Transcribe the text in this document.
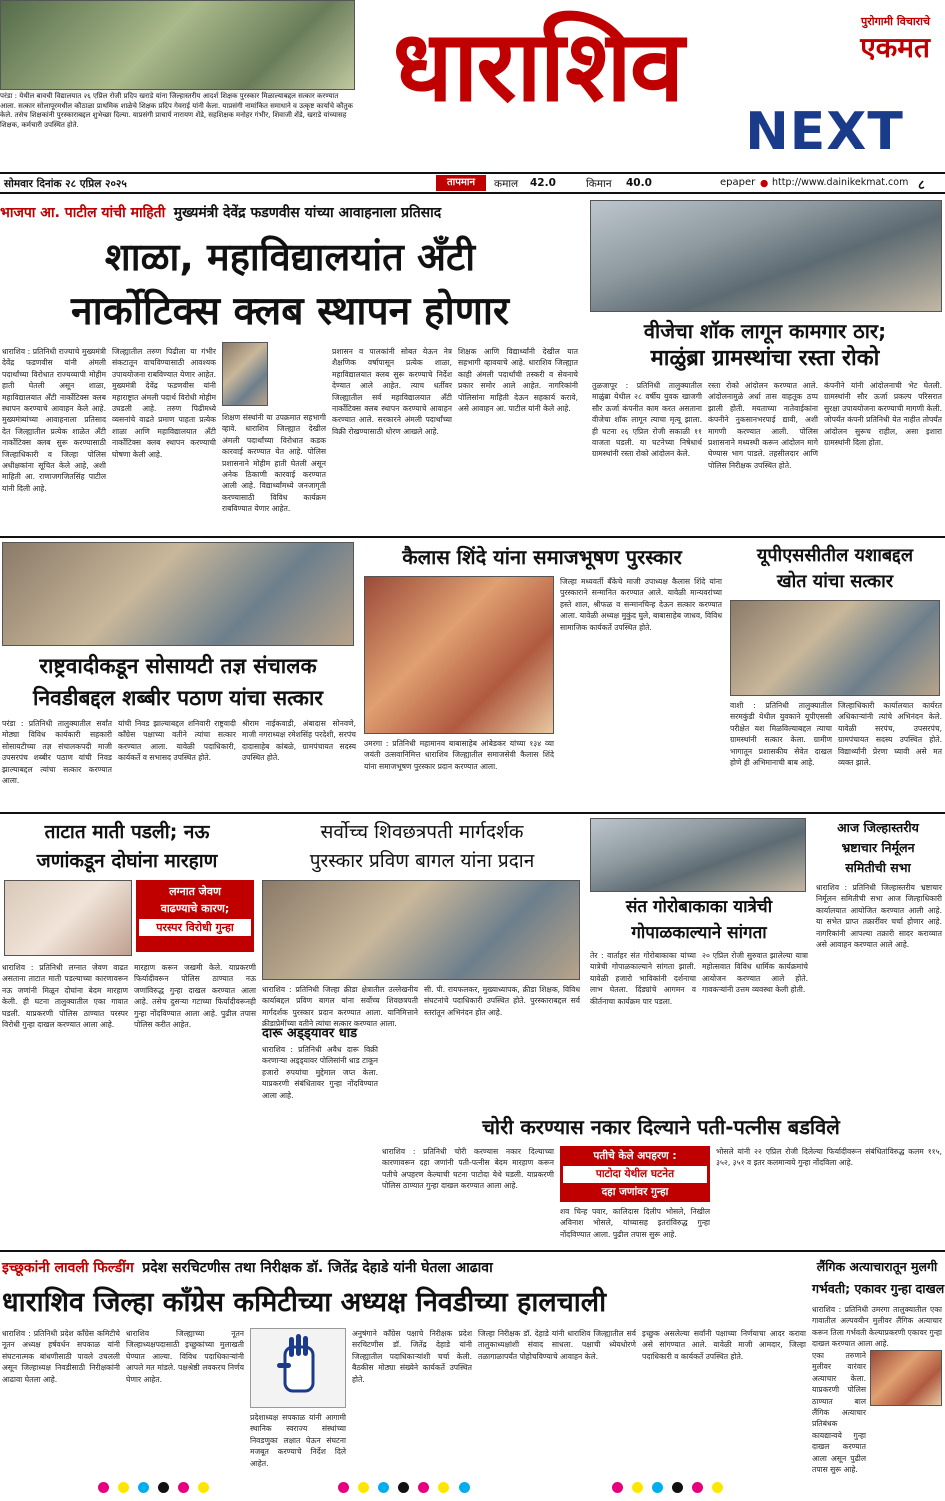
परंडा : येथील बावची विद्यालयात २६ एप्रिल रोजी प्रदिप खराडे यांना जिल्हास्तरीय आदर्श शिक्षक पुरस्कार मिळाल्याबद्दल सत्कार करण्यात आला. सत्कार सोलापूरमधील कौठाळा प्राथमिक शाळेचे शिक्षक प्रदिप गेवराई यांनी केला. याप्रसंगी नामांकित समाधाने व उत्कृष्ट कार्याचे कौतुक केले. तसेच शिक्षकांनी पुरस्काराबद्दल शुभेच्छा दिल्या. याप्रसंगी प्राचार्य नारायण शेंडे, सहशिक्षक मनोहर गंभीर, शिवाजी शेंडे, खराडे यांच्यासह शिक्षक, कर्मचारी उपस्थित होते.
धाराशिव	पुरोगामी विचाराचे
एकमत
NEXT
सोमवार दिनांक २८ एप्रिल २०२५	तापमान	कमाल 42.0	किमान 40.0	epaper ● http://www.dainikekmat.com ८
भाजपा आ. पाटील यांची माहिती मुख्यमंत्री देवेंद्र फडणवीस यांच्या आवाहनाला प्रतिसाद
शाळा, महाविद्यालयांत अँटी
नार्कोटिक्स क्लब स्थापन होणार
धाराशिव : प्रतिनिधी राज्याचे मुख्यमंत्री देवेंद्र फडणवीस यांनी अंमली पदार्थांच्या विरोधात राज्यव्यापी मोहीम हाती घेतली असून शाळा, महाविद्यालयात अँटी नार्कोटिक्स क्लब स्थापन करण्याचे आवाहन केले आहे. मुख्यमंत्र्यांच्या आवाहनाला प्रतिसाद देत जिल्ह्यातील प्रत्येक शाळेत अँटी नार्कोटिक्स क्लब सुरू करण्यासाठी जिल्हाधिकारी व जिल्हा पोलिस अधीक्षकांना सूचित केले आहे, अशी माहिती आ. राणाजगजितसिंह पाटील यांनी दिली आहे.
जिल्ह्यातील तरुण पिढीला या गंभीर संकटातून वाचविण्यासाठी आवश्यक उपाययोजना राबविण्यात येणार आहेत. मुख्यमंत्री देवेंद्र फडणवीस यांनी महाराष्ट्रात अंमली पदार्थ विरोधी मोहीम उघडली आहे. तरुण पिढीमध्ये व्यसनांचे वाढते प्रमाण पाहता प्रत्येक शाळा आणि महाविद्यालयात अँटी नार्कोटिक्स क्लब स्थापन करण्याची घोषणा केली आहे.
शिक्षण संस्थांनी या उपक्रमात सहभागी व्हावे. धाराशिव जिल्ह्यात देखील अंमली पदार्थांच्या विरोधात कडक कारवाई करण्यात येत आहे. पोलिस प्रशासनाने मोहीम हाती घेतली असून अनेक ठिकाणी कारवाई करण्यात आली आहे. विद्यार्थ्यांमध्ये जनजागृती करण्यासाठी विविध कार्यक्रम राबविण्यात येणार आहेत.
प्रशासन व पालकांनी सोबत येऊन नेत्र शैक्षणिक वर्षापासून प्रत्येक शाळा, महाविद्यालयात क्लब सुरू करण्याचे निर्देश देण्यात आले आहेत. त्याच धर्तीवर जिल्ह्यातील सर्व महाविद्यालयात अँटी नार्कोटिक्स क्लब स्थापन करण्याचे आवाहन करण्यात आले. सरकारने अंमली पदार्थांच्या विक्री रोखण्यासाठी धोरण आखले आहे.
शिक्षक आणि विद्यार्थ्यांनी देखील यात सहभागी व्हावयाचे आहे. धाराशिव जिल्ह्यात काही अंमली पदार्थांची तस्करी व सेवनाचे प्रकार समोर आले आहेत. नागरिकांनी पोलिसांना माहिती देऊन सहकार्य करावे, असे आवाहन आ. पाटील यांनी केले आहे.
वीजेचा शॉक लागून कामगार ठार;
माळुंब्रा ग्रामस्थांचा रस्ता रोको
तुळजापूर : प्रतिनिधी तालुक्यातील माळुंब्रा येथील २८ वर्षीय युवक खाजगी सौर ऊर्जा कंपनीत काम करत असताना वीजेचा शॉक लागून त्याचा मृत्यू झाला. ही घटना २६ एप्रिल रोजी सकाळी ११ वाजता घडली. या घटनेच्या निषेधार्थ ग्रामस्थांनी रस्ता रोको आंदोलन केले.
रस्ता रोको आंदोलन करण्यात आले. आंदोलनामुळे अर्धा तास वाहतूक ठप्प झाली होती. मयताच्या नातेवाईकांना कंपनीने नुकसानभरपाई द्यावी, अशी मागणी करण्यात आली. पोलिस प्रशासनाने मध्यस्थी करून आंदोलन मागे घेण्यास भाग पाडले. तहसीलदार आणि पोलिस निरीक्षक उपस्थित होते.
कंपनीने यांनी आंदोलनाची भेट घेतली. ग्रामस्थांनी सौर ऊर्जा प्रकल्प परिसरात सुरक्षा उपाययोजना करण्याची मागणी केली. जोपर्यंत कंपनी प्रतिनिधी येत नाहीत तोपर्यंत आंदोलन सुरूच राहील, असा इशारा ग्रामस्थांनी दिला होता.
राष्ट्रवादीकडून सोसायटी तज्ञ संचालक
निवडीबद्दल शब्बीर पठाण यांचा सत्कार
परंडा : प्रतिनिधी तालुक्यातील सर्वांत मोठ्या विविध कार्यकारी सहकारी सोसायटीच्या तज्ञ संचालकपदी माजी उपसरपंच शब्बीर पठाण यांची निवड झाल्याबद्दल त्यांचा सत्कार करण्यात आला.
यांची निवड झाल्याबद्दल शनिवारी राष्ट्रवादी काँग्रेस पक्षाच्या वतीने त्यांचा सत्कार करण्यात आला. यावेळी पदाधिकारी, कार्यकर्ते व सभासद उपस्थित होते.
श्रीराम नाईकवाडी, अंबादास सोनवणे, माजी नगराध्यक्ष रमेशसिंह परदेशी, सरपंच दादासाहेब कांबळे, ग्रामपंचायत सदस्य उपस्थित होते.
कैलास शिंदे यांना समाजभूषण पुरस्कार
उमरगा : प्रतिनिधी महामानव बाबासाहेब आंबेडकर यांच्या १३४ व्या जयंती उत्सवानिमित्त धाराशिव जिल्ह्यातील समाजसेवी कैलास शिंदे यांना समाजभूषण पुरस्कार प्रदान करण्यात आला.
जिल्हा मध्यवर्ती बँकेचे माजी उपाध्यक्ष कैलास शिंदे यांना पुरस्काराने सन्मानित करण्यात आले. यावेळी मान्यवरांच्या हस्ते शाल, श्रीफळ व सन्मानचिन्ह देऊन सत्कार करण्यात आला. यावेळी अध्यक्ष मुकुंद घुले, बाबासाहेब जाधव, विविध सामाजिक कार्यकर्ते उपस्थित होते.
यूपीएससीतील यशाबद्दल
खोत यांचा सत्कार
वाशी : प्रतिनिधी तालुक्यातील सरमकुंडी येथील युवकाने यूपीएससी परीक्षेत यश मिळविल्याबद्दल त्याचा ग्रामस्थांनी सत्कार केला. ग्रामीण भागातून प्रशासकीय सेवेत दाखल होणे ही अभिमानाची बाब आहे.
जिल्हाधिकारी कार्यालयात कार्यरत अधिकाऱ्यांनी त्यांचे अभिनंदन केले. यावेळी सरपंच, उपसरपंच, ग्रामपंचायत सदस्य उपस्थित होते. विद्यार्थ्यांनी प्रेरणा घ्यावी असे मत व्यक्त झाले.
ताटात माती पडली; नऊ
जणांकडून दोघांना मारहाण
लग्नात जेवण
वाढण्याचे कारण;
परस्पर विरोधी गुन्हा
धाराशिव : प्रतिनिधी लग्नात जेवण वाढत असताना ताटात माती पडल्याच्या कारणावरून नऊ जणांनी मिळून दोघांना बेदम मारहाण केली. ही घटना तालुक्यातील एका गावात घडली. याप्रकरणी पोलिस ठाण्यात परस्पर विरोधी गुन्हा दाखल करण्यात आला आहे.
मारहाण करून जखमी केले. याप्रकरणी फिर्यादीवरून पोलिस ठाण्यात नऊ जणांविरुद्ध गुन्हा दाखल करण्यात आला आहे. तसेच दुसऱ्या गटाच्या फिर्यादीवरूनही गुन्हा नोंदविण्यात आला आहे. पुढील तपास पोलिस करीत आहेत.
सर्वोच्च शिवछत्रपती मार्गदर्शक
पुरस्कार प्रविण बागल यांना प्रदान
धाराशिव : प्रतिनिधी जिल्हा क्रीडा क्षेत्रातील उल्लेखनीय कार्याबद्दल प्रविण बागल यांना सर्वोच्च शिवछत्रपती मार्गदर्शक पुरस्कार प्रदान करण्यात आला. यानिमित्ताने क्रीडाप्रेमींच्या वतीने त्यांचा सत्कार करण्यात आला.
सी. पी. रायफलकर, मुख्याध्यापक, क्रीडा शिक्षक, विविध संघटनांचे पदाधिकारी उपस्थित होते. पुरस्काराबद्दल सर्व स्तरांतून अभिनंदन होत आहे.
दारू अड्ड्यावर धाड
धाराशिव : प्रतिनिधी अवैध दारू विक्री करणाऱ्या अड्ड्यावर पोलिसांनी धाड टाकून हजारो रुपयांचा मुद्देमाल जप्त केला. याप्रकरणी संबंधितावर गुन्हा नोंदविण्यात आला आहे.
संत गोरोबाकाका यात्रेची
गोपाळकाल्याने सांगता
तेर : वार्ताहर संत गोरोबाकाका यांच्या यात्रेची गोपाळकाल्याने सांगता झाली. यावेळी हजारो भाविकांनी दर्शनाचा लाभ घेतला. दिंड्यांचे आगमन व कीर्तनाचा कार्यक्रम पार पडला.
२० एप्रिल रोजी सुरुवात झालेल्या यात्रा महोत्सवात विविध धार्मिक कार्यक्रमांचे आयोजन करण्यात आले होते. गावकऱ्यांनी उत्तम व्यवस्था केली होती.
आज जिल्हास्तरीय
भ्रष्टाचार निर्मूलन
समितीची सभा
धाराशिव : प्रतिनिधी जिल्हास्तरीय भ्रष्टाचार निर्मूलन समितीची सभा आज जिल्हाधिकारी कार्यालयात आयोजित करण्यात आली आहे. या सभेत प्राप्त तक्रारींवर चर्चा होणार आहे. नागरिकांनी आपल्या तक्रारी सादर कराव्यात असे आवाहन करण्यात आले आहे.
चोरी करण्यास नकार दिल्याने पती-पत्नीस बडविले
पतीचे केले अपहरण :
पाटोदा येथील घटनेत
दहा जणांवर गुन्हा
धाराशिव : प्रतिनिधी चोरी करण्यास नकार दिल्याच्या कारणावरून दहा जणांनी पती-पत्नीस बेदम मारहाण करून पतीचे अपहरण केल्याची घटना पाटोदा येथे घडली. याप्रकरणी पोलिस ठाण्यात गुन्हा दाखल करण्यात आला आहे.
शव चिन्ह पवार, कालिदास दिलीप भोसले, निखील अविनाश भोसले, यांच्यासह इतरांविरुद्ध गुन्हा नोंदविण्यात आला. पुढील तपास सुरू आहे.
भोसले यांनी २२ एप्रिल रोजी दिलेल्या फिर्यादीवरून संबंधितांविरुद्ध कलम ११५, ३५२, ३५१ व इतर कलमान्वये गुन्हा नोंदविला आहे.
इच्छूकांनी लावली फिल्डींग प्रदेश सरचिटणीस तथा निरीक्षक डॉ. जितेंद्र देहाडे यांनी घेतला आढावा
धाराशिव जिल्हा काँग्रेस कमिटीच्या अध्यक्ष निवडीच्या हालचाली
धाराशिव : प्रतिनिधी प्रदेश काँग्रेस कमिटीचे नूतन अध्यक्ष हर्षवर्धन सपकाळ यांनी संघटनात्मक बांधणीसाठी पावले उचलली असून जिल्हाध्यक्ष निवडीसाठी निरीक्षकांनी आढावा घेतला आहे.
धाराशिव जिल्ह्याच्या नूतन जिल्हाध्यक्षपदासाठी इच्छुकांच्या मुलाखती घेण्यात आल्या. विविध पदाधिकाऱ्यांनी आपले मत मांडले. पक्षश्रेष्ठी लवकरच निर्णय घेणार आहेत.
प्रदेशाध्यक्ष सपकाळ यांनी आगामी स्थानिक स्वराज्य संस्थांच्या निवडणुका लक्षात घेऊन संघटना मजबूत करण्याचे निर्देश दिले आहेत.
अनुषंगाने काँग्रेस पक्षाचे निरीक्षक प्रदेश सरचिटणीस डॉ. जितेंद्र देहाडे यांनी जिल्ह्यातील पदाधिकाऱ्यांशी चर्चा केली. बैठकीस मोठ्या संख्येने कार्यकर्ते उपस्थित होते.
जिल्हा निरीक्षक डॉ. देहाडे यांनी धाराशिव जिल्ह्यातील सर्व तालुकाध्यक्षांशी संवाद साधला. पक्षाची ध्येयधोरणे तळागाळापर्यंत पोहोचविण्याचे आवाहन केले.
इच्छुक असलेल्या सर्वांनी पक्षाच्या निर्णयाचा आदर करावा असे सांगण्यात आले. यावेळी माजी आमदार, जिल्हा पदाधिकारी व कार्यकर्ते उपस्थित होते.
लैंगिक अत्याचारातून मुलगी
गर्भवती; एकावर गुन्हा दाखल
धाराशिव : प्रतिनिधी उमरगा तालुक्यातील एका गावातील अल्पवयीन मुलीवर लैंगिक अत्याचार करून तिला गर्भवती केल्याप्रकरणी एकावर गुन्हा दाखल करण्यात आला आहे.
एका तरुणाने मुलीवर वारंवार अत्याचार केला. याप्रकरणी पोलिस ठाण्यात बाल लैंगिक अत्याचार प्रतिबंधक कायद्यान्वये गुन्हा दाखल करण्यात आला असून पुढील तपास सुरू आहे.
